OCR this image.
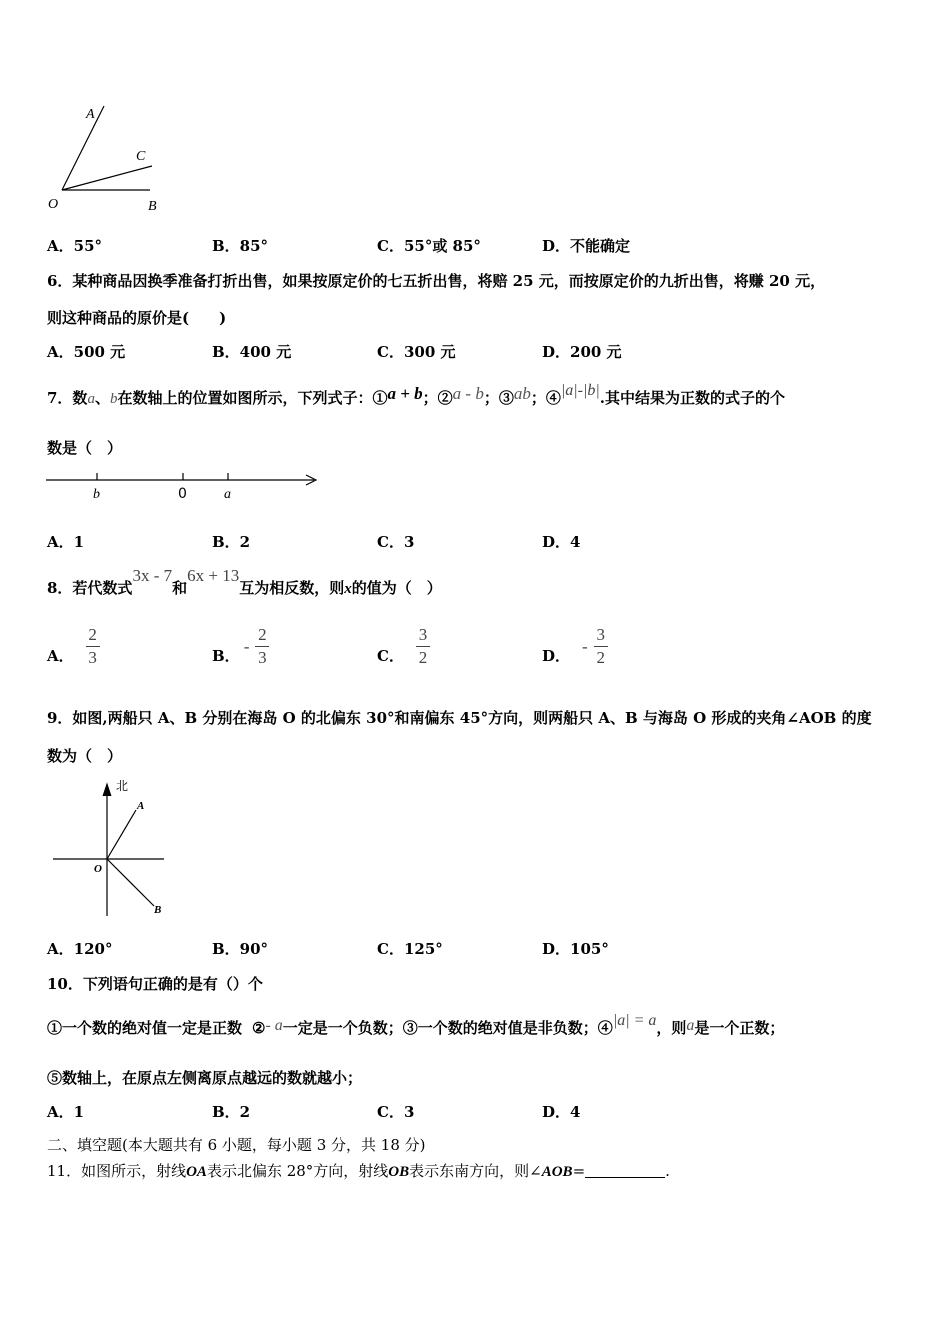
A
C
O	B
A．55°	B．85°	C．55°或 85°	D．不能确定
6．某种商品因换季准备打折出售，如果按原定价的七五折出售，将赔 25 元，而按原定价的九折出售，将赚 20 元，
则这种商品的原价是(　　)
A．500 元	B．400 元	C．300 元	D．200 元
7．数a、b在数轴上的位置如图所示，下列式子：①a + b；②a - b；③ab；④|a|-|b|.其中结果为正数的式子的个
数是（　）
b	0	a
A．1	B．2	C．3	D．4
8．若代数式3x - 7和6x + 13互为相反数，则x的值为（　）
A． $\frac{2}{3}$	B． - $\frac{2}{3}$	C． $\frac{3}{2}$	D． - $\frac{3}{2}$
9．如图,两船只 A、B 分别在海岛 O 的北偏东 30°和南偏东 45°方向，则两船只 A、B 与海岛 O 形成的夹角∠AOB 的度
数为（　）
北
A
O
B
A．120°	B．90°	C．125°	D．105°
10．下列语句正确的是有（）个
①一个数的绝对值一定是正数 ②- a一定是一个负数；③一个数的绝对值是非负数；④|a| = a，则a是一个正数；
⑤数轴上，在原点左侧离原点越远的数就越小；
A．1	B．2	C．3	D．4
二、填空题(本大题共有 6 小题，每小题 3 分，共 18 分)
11．如图所示，射线OA表示北偏东 28°方向，射线OB表示东南方向，则∠AOB=	.
